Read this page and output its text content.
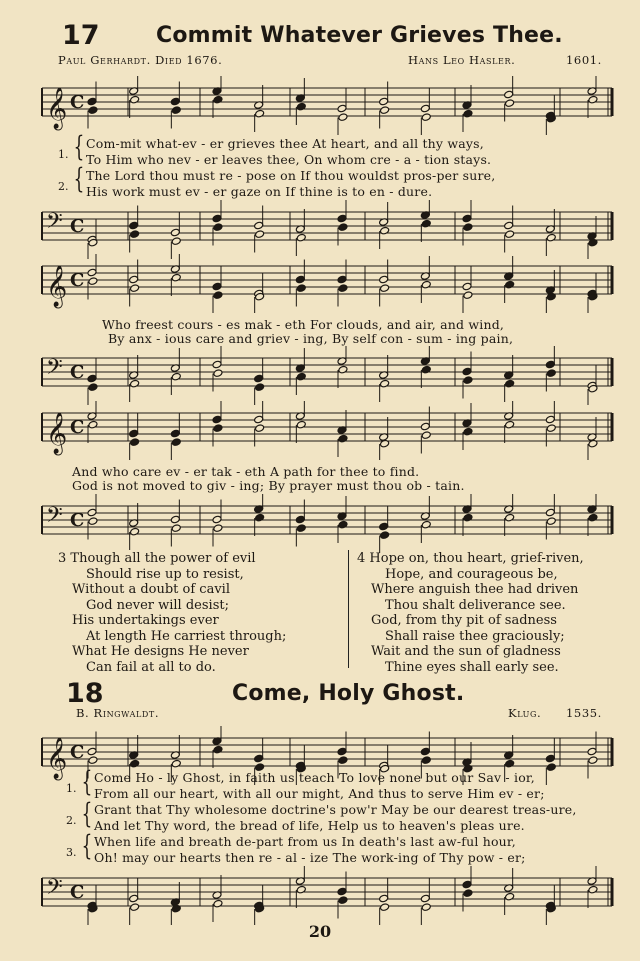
17	Commit Whatever Grieves Thee.
Paul Gerhardt. Died 1676.	Hans Leo Hasler.	1601.
𝄞 C
1. { Com-mit what-ev - er grieves thee At heart, and all thy ways,
To Him who nev - er leaves thee, On whom cre - a - tion stays.
2. { The Lord thou must re - pose on If thou wouldst pros-per sure,
His work must ev - er gaze on If thine is to en - dure.
𝄢 C
𝄞 C
Who freest cours - es mak - eth For clouds, and air, and wind,
By anx - ious care and griev - ing, By self con - sum - ing pain,
𝄢 C
𝄞 C
And who care ev - er tak - eth A path for thee to find.
God is not moved to giv - ing; By prayer must thou ob - tain.
𝄢 C
3 Though all the power of evil
Should rise up to resist,
Without a doubt of cavil
God never will desist;
His undertakings ever
At length He carriest through;
What He designs He never
Can fail at all to do.
4 Hope on, thou heart, grief-riven,
Hope, and courageous be,
Where anguish thee had driven
Thou shalt deliverance see.
God, from thy pit of sadness
Shall raise thee graciously;
Wait and the sun of gladness
Thine eyes shall early see.
18	Come, Holy Ghost.
B. Ringwaldt.	Klug. 1535.
𝄞 C
1. { Come Ho - ly Ghost, in faith us teach To love none but our Sav - ior,
From all our heart, with all our might, And thus to serve Him ev - er;
2. { Grant that Thy wholesome doctrine's pow'r May be our dearest treas-ure,
And let Thy word, the bread of life, Help us to heaven's pleas ure.
3. { When life and breath de-part from us In death's last aw-ful hour,
Oh! may our hearts then re - al - ize The work-ing of Thy pow - er;
𝄢 C
20
